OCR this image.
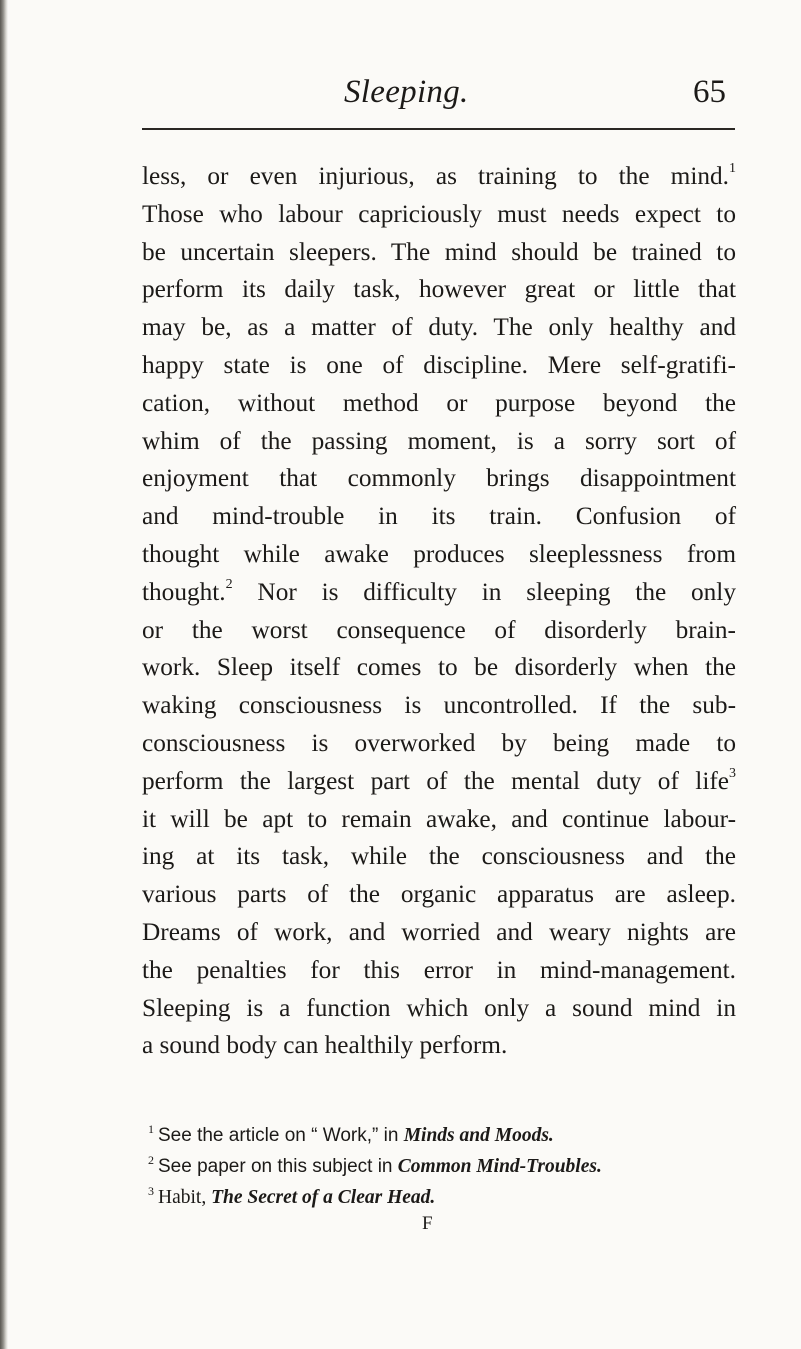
Sleeping.	65
less, or even injurious, as training to the mind.$^1$
Those who labour capriciously must needs expect to
be uncertain sleepers. The mind should be trained to
perform its daily task, however great or little that
may be, as a matter of duty. The only healthy and
happy state is one of discipline. Mere self-gratifi-
cation, without method or purpose beyond the
whim of the passing moment, is a sorry sort of
enjoyment that commonly brings disappointment
and mind-trouble in its train. Confusion of
thought while awake produces sleeplessness from
thought.$^2$ Nor is difficulty in sleeping the only
or the worst consequence of disorderly brain-
work. Sleep itself comes to be disorderly when the
waking consciousness is uncontrolled. If the sub-
consciousness is overworked by being made to
perform the largest part of the mental duty of life$^3$
it will be apt to remain awake, and continue labour-
ing at its task, while the consciousness and the
various parts of the organic apparatus are asleep.
Dreams of work, and worried and weary nights are
the penalties for this error in mind-management.
Sleeping is a function which only a sound mind in
a sound body can healthily perform.
$^1$ See the article on “ Work,” in Minds and Moods.
$^2$ See paper on this subject in Common Mind-Troubles.
$^3$ Habit, The Secret of a Clear Head.
F
